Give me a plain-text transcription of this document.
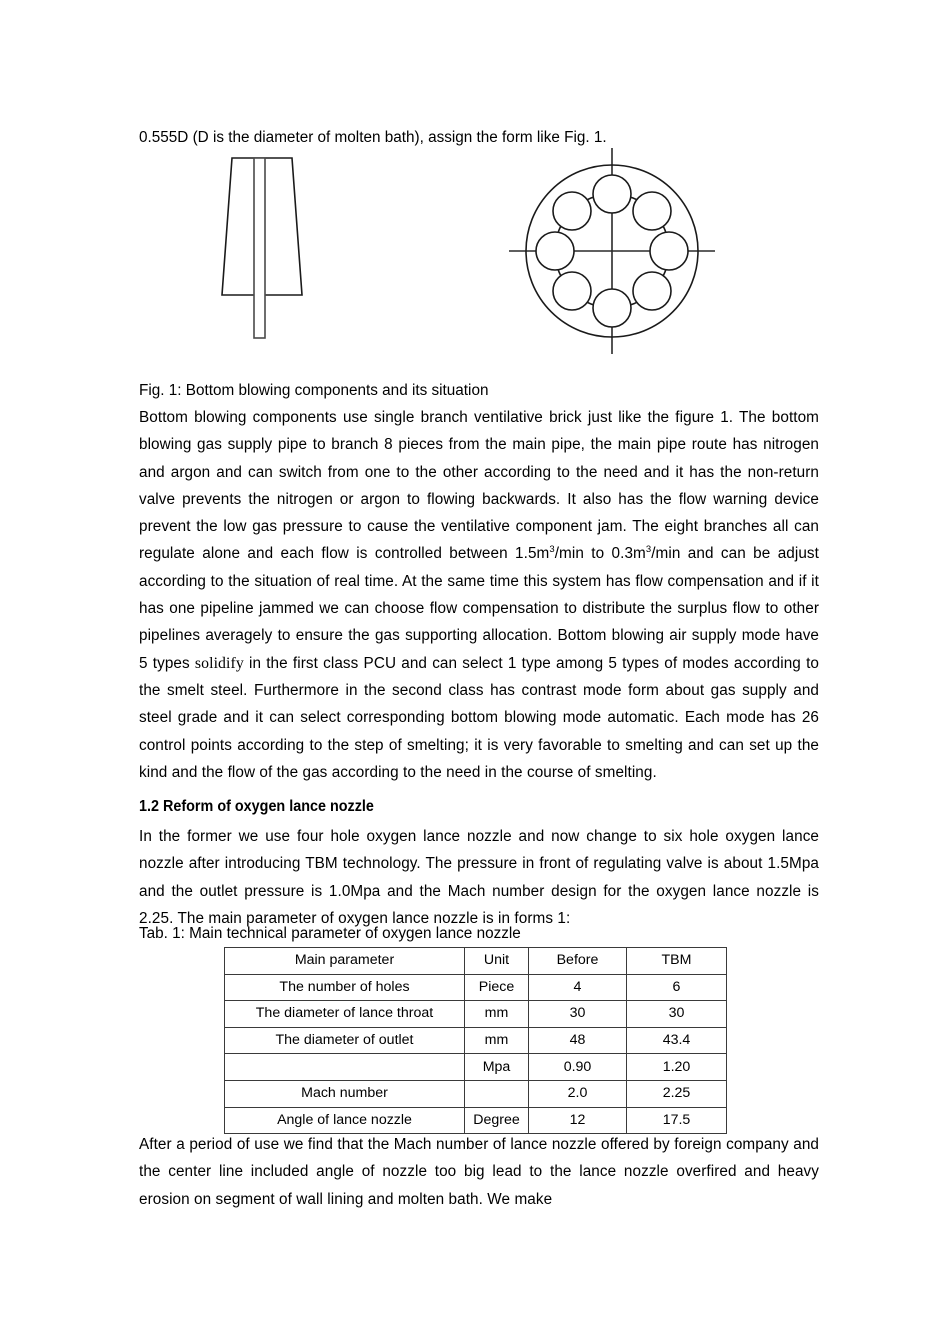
0.555D (D is the diameter of molten bath), assign the form like Fig. 1.
Fig. 1: Bottom blowing components and its situation

Bottom blowing components use single branch ventilative brick just like the figure 1. The bottom blowing gas supply pipe to branch 8 pieces from the main pipe, the main pipe route has nitrogen and argon and can switch from one to the other according to the need and it has the non-return valve prevents the nitrogen or argon to flowing backwards. It also has the flow warning device prevent the low gas pressure to cause the ventilative component jam. The eight branches all can regulate alone and each flow is controlled between $1.5m^3/\min$ to $0.3m^3/\min$ and can be adjust according to the situation of real time. At the same time this system has flow compensation and if it has one pipeline jammed we can choose flow compensation to distribute the surplus flow to other pipelines averagely to ensure the gas supporting allocation. Bottom blowing air supply mode have 5 types solidify in the first class PCU and can select 1 type among 5 types of modes according to the smelt steel. Furthermore in the second class has contrast mode form about gas supply and steel grade and it can select corresponding bottom blowing mode automatic. Each mode has 26 control points according to the step of smelting; it is very favorable to smelting and can set up the kind and the flow of the gas according to the need in the course of smelting.

1.2 Reform of oxygen lance nozzle

In the former we use four hole oxygen lance nozzle and now change to six hole oxygen lance nozzle after introducing TBM technology. The pressure in front of regulating valve is about 1.5Mpa and the outlet pressure is 1.0Mpa and the Mach number design for the oxygen lance nozzle is 2.25. The main parameter of oxygen lance nozzle is in forms 1:

Tab. 1: Main technical parameter of oxygen lance nozzle
Main parameter	Unit	Before	TBM
The number of holes	Piece	4	6
The diameter of lance throat	mm	30	30
The diameter of outlet	mm	48	43.4
	Mpa	0.90	1.20
Mach number		2.0	2.25
Angle of lance nozzle	Degree	12	17.5

After a period of use we find that the Mach number of lance nozzle offered by foreign company and the center line included angle of nozzle too big lead to the lance nozzle overfired and heavy erosion on segment of wall lining and molten bath. We make
